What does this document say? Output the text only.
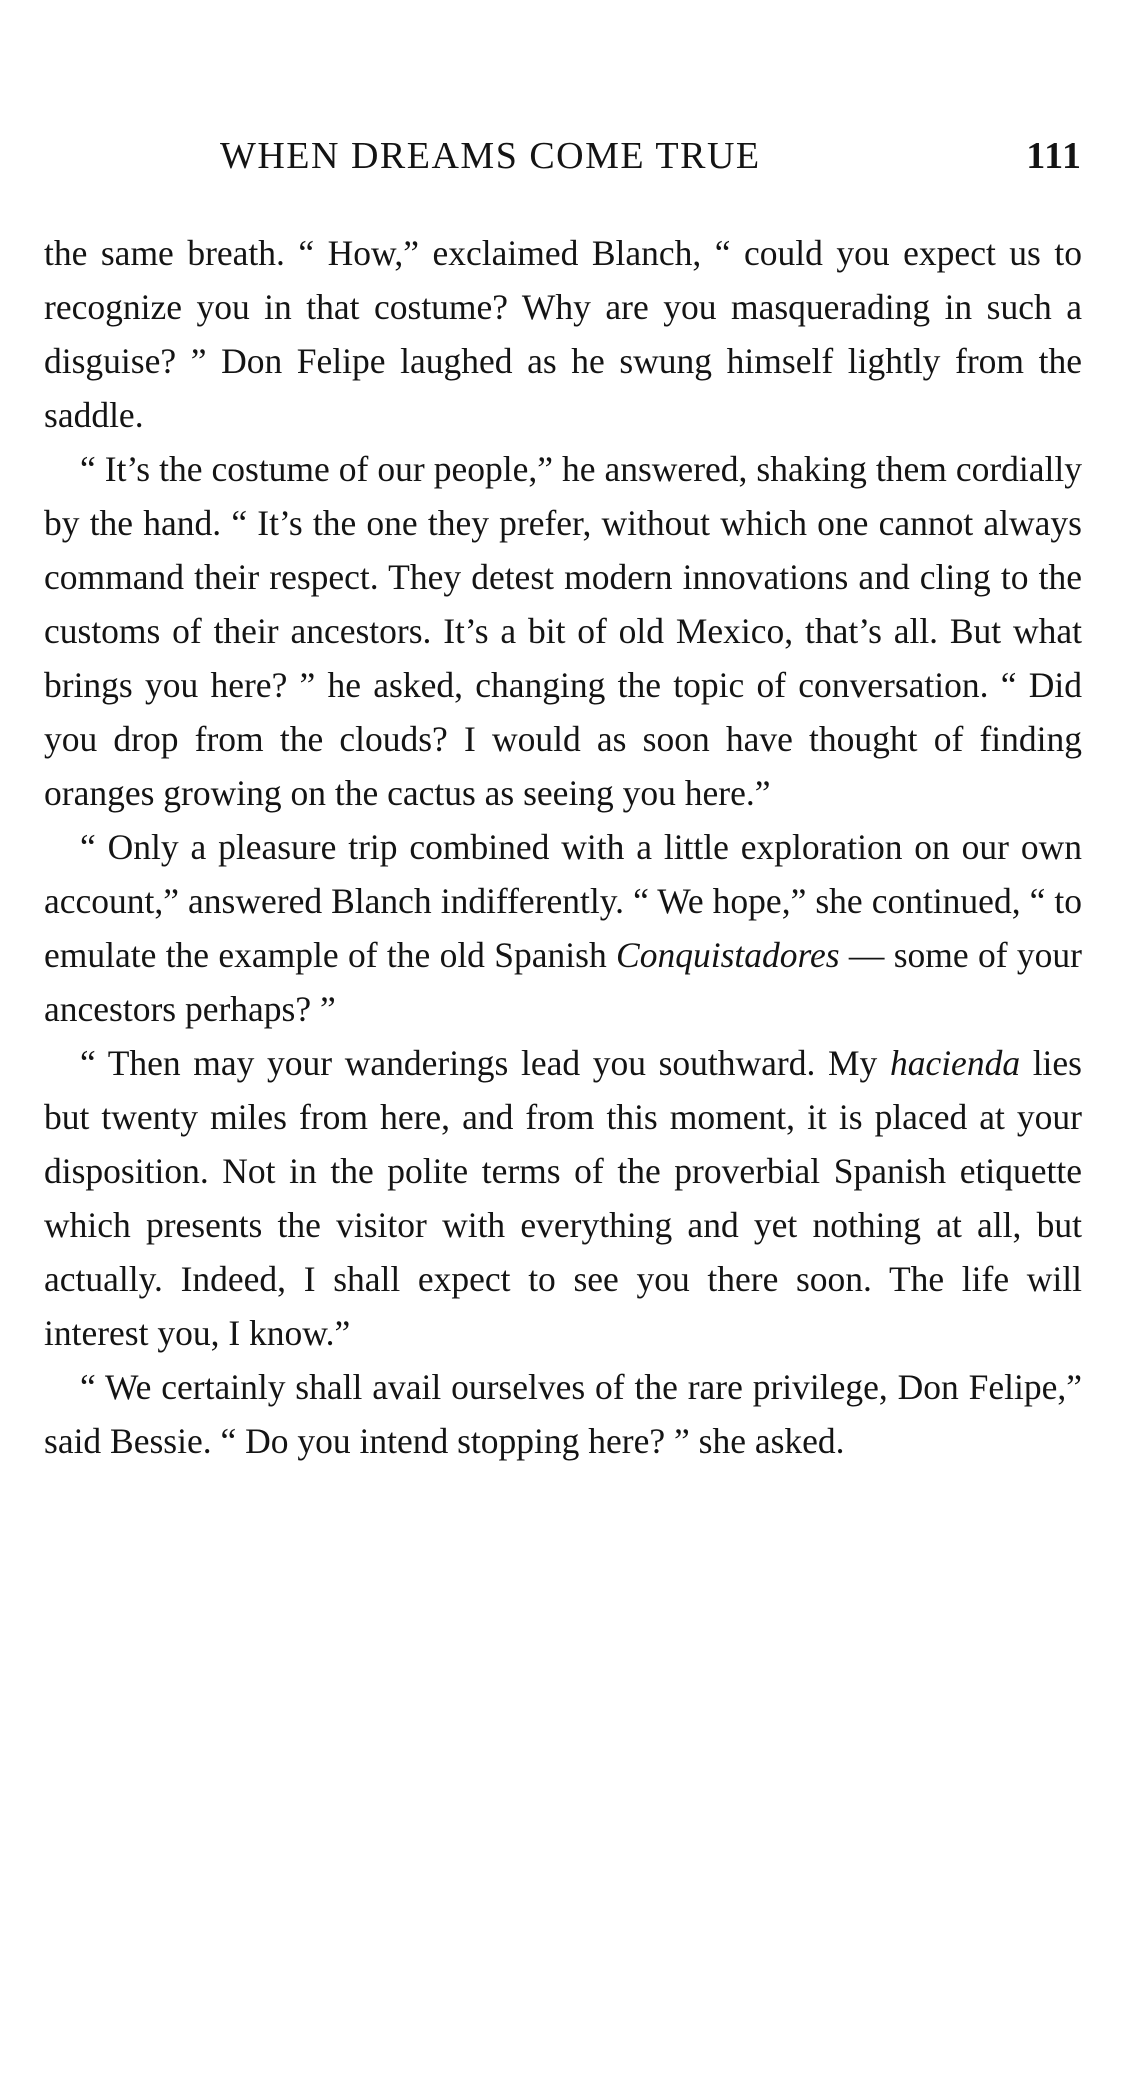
WHEN DREAMS COME TRUE	111

the same breath. “ How,” exclaimed Blanch, “ could you expect us to recognize you in that costume? Why are you masquerading in such a disguise? ” Don Felipe laughed as he swung himself lightly from the saddle.

“ It’s the costume of our people,” he answered, shaking them cordially by the hand. “ It’s the one they prefer, without which one cannot always command their respect. They detest modern innovations and cling to the customs of their ancestors. It’s a bit of old Mexico, that’s all. But what brings you here? ” he asked, changing the topic of conversation. “ Did you drop from the clouds? I would as soon have thought of finding oranges growing on the cactus as seeing you here.”

“ Only a pleasure trip combined with a little exploration on our own account,” answered Blanch indifferently. “ We hope,” she continued, “ to emulate the example of the old Spanish Conquistadores — some of your ancestors perhaps? ”

“ Then may your wanderings lead you southward. My hacienda lies but twenty miles from here, and from this moment, it is placed at your disposition. Not in the polite terms of the proverbial Spanish etiquette which presents the visitor with everything and yet nothing at all, but actually. Indeed, I shall expect to see you there soon. The life will interest you, I know.”

“ We certainly shall avail ourselves of the rare privilege, Don Felipe,” said Bessie. “ Do you intend stopping here? ” she asked.
